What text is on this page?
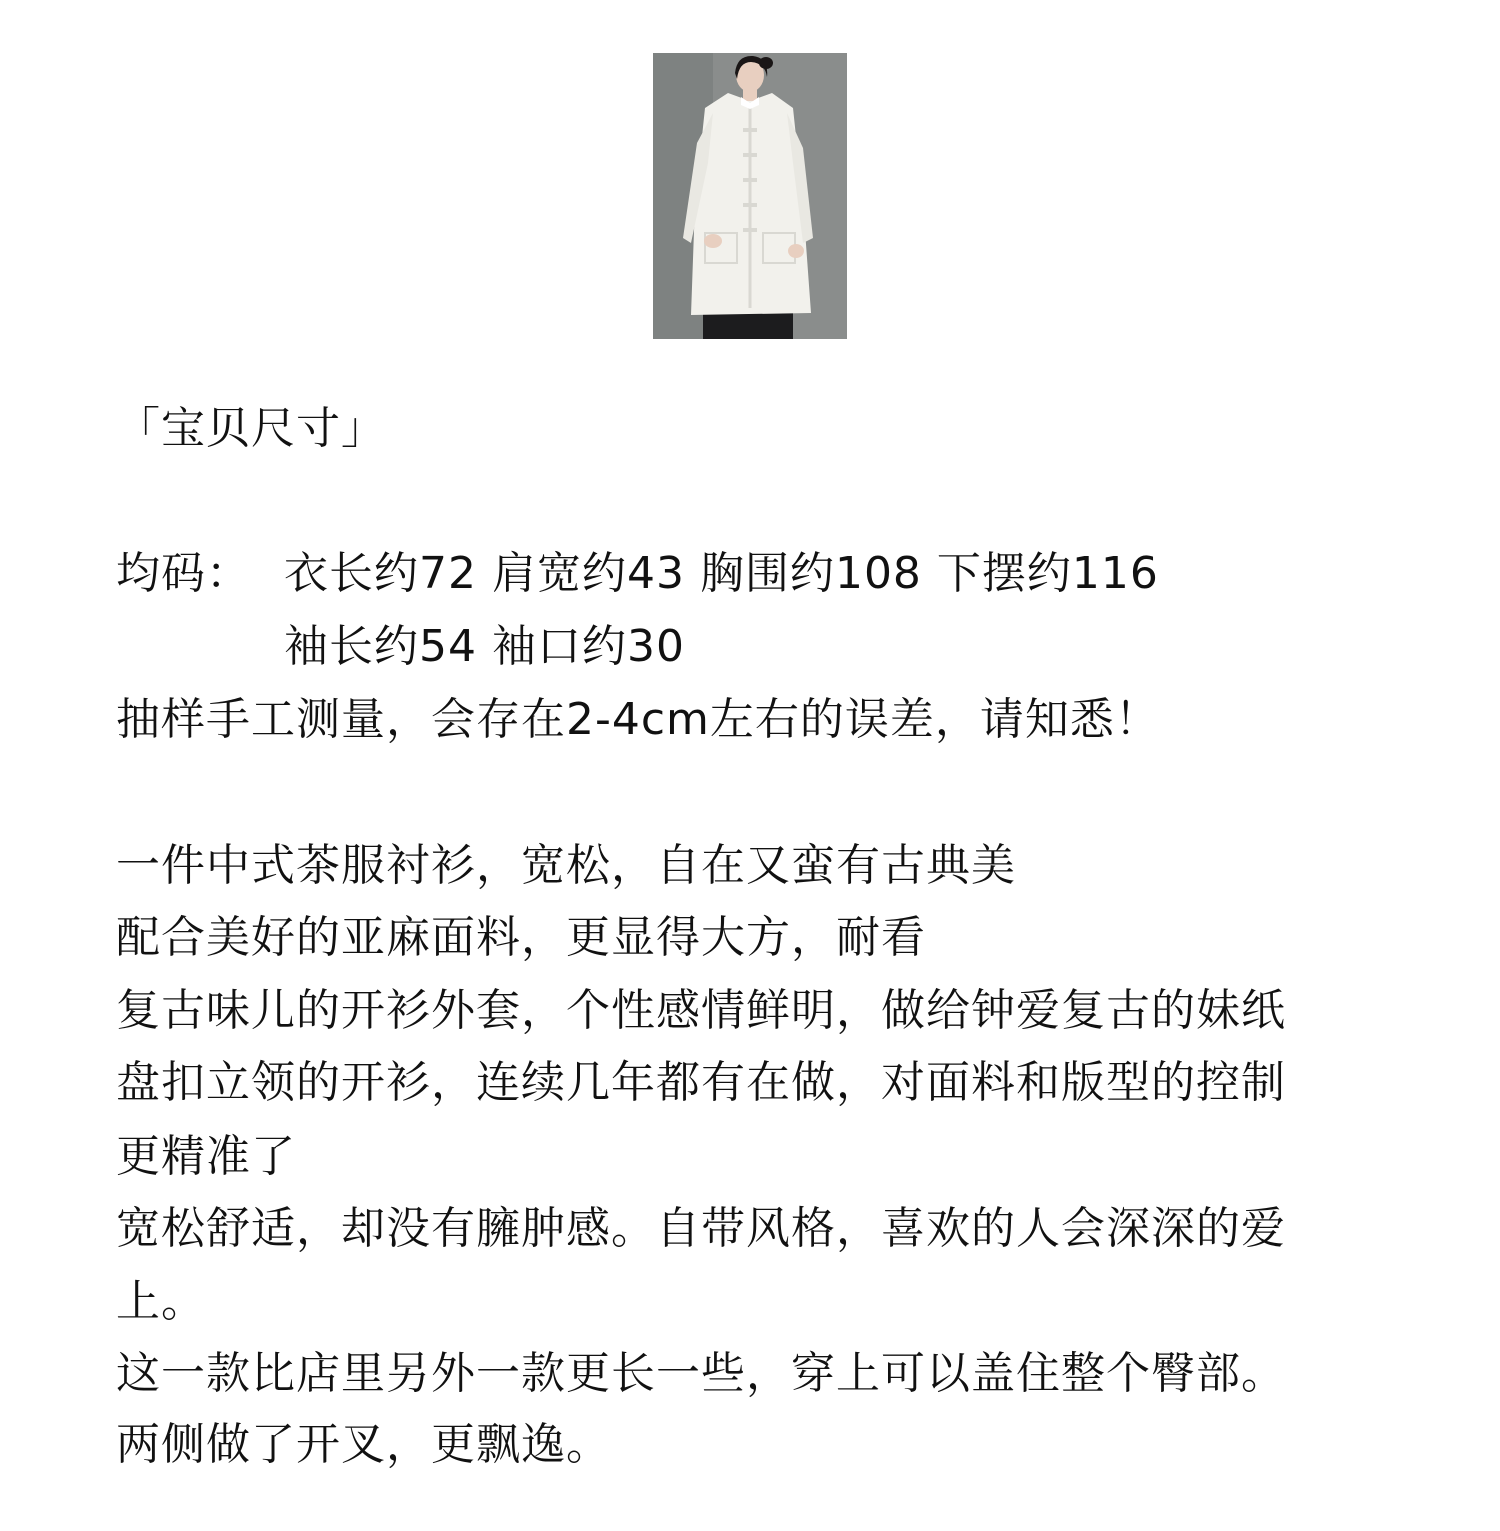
「宝贝尺寸」
均码： 衣长约72 肩宽约43 胸围约108 下摆约116
袖长约54 袖口约30
抽样手工测量，会存在2-4cm左右的误差，请知悉！
一件中式茶服衬衫，宽松，自在又蛮有古典美
配合美好的亚麻面料，更显得大方，耐看
复古味儿的开衫外套，个性感情鲜明，做给钟爱复古的妹纸
盘扣立领的开衫，连续几年都有在做，对面料和版型的控制
更精准了
宽松舒适，却没有臃肿感。自带风格，喜欢的人会深深的爱
上。
这一款比店里另外一款更长一些，穿上可以盖住整个臀部。
两侧做了开叉，更飘逸。
